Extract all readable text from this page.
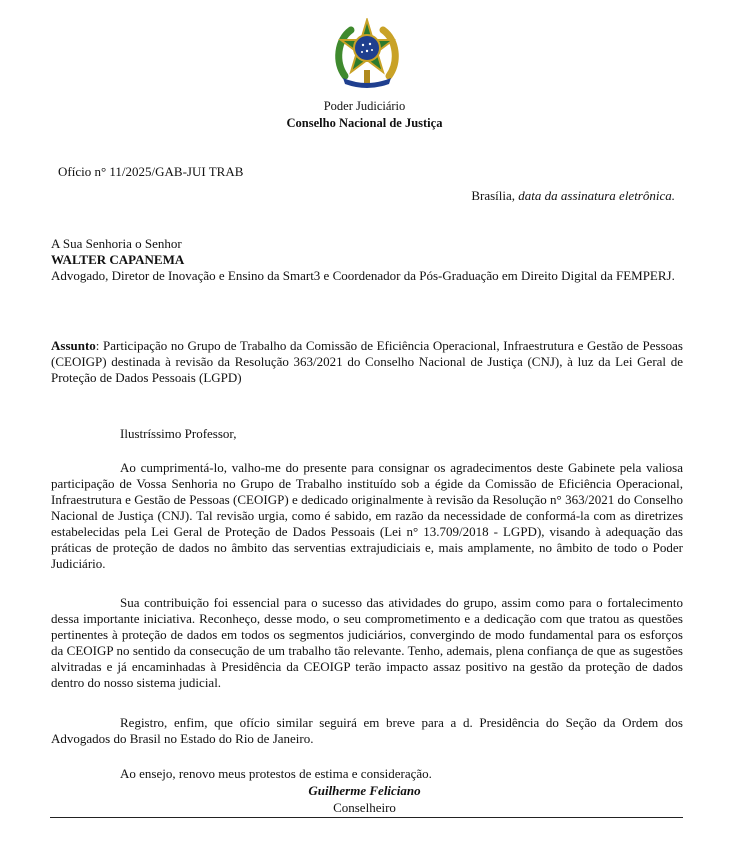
Poder Judiciário
Conselho Nacional de Justiça
Ofício n° 11/2025/GAB-JUI TRAB
Brasília, data da assinatura eletrônica.
A Sua Senhoria o Senhor
WALTER CAPANEMA
Advogado, Diretor de Inovação e Ensino da Smart3 e Coordenador da Pós-Graduação em Direito Digital da FEMPERJ.
Assunto: Participação no Grupo de Trabalho da Comissão de Eficiência Operacional, Infraestrutura e Gestão de Pessoas (CEOIGP) destinada à revisão da Resolução 363/2021 do Conselho Nacional de Justiça (CNJ), à luz da Lei Geral de Proteção de Dados Pessoais (LGPD)
Ilustríssimo Professor,
Ao cumprimentá-lo, valho-me do presente para consignar os agradecimentos deste Gabinete pela valiosa participação de Vossa Senhoria no Grupo de Trabalho instituído sob a égide da Comissão de Eficiência Operacional, Infraestrutura e Gestão de Pessoas (CEOIGP) e dedicado originalmente à revisão da Resolução n° 363/2021 do Conselho Nacional de Justiça (CNJ). Tal revisão urgia, como é sabido, em razão da necessidade de conformá-la com as diretrizes estabelecidas pela Lei Geral de Proteção de Dados Pessoais (Lei n° 13.709/2018 - LGPD), visando à adequação das práticas de proteção de dados no âmbito das serventias extrajudiciais e, mais amplamente, no âmbito de todo o Poder Judiciário.
Sua contribuição foi essencial para o sucesso das atividades do grupo, assim como para o fortalecimento dessa importante iniciativa. Reconheço, desse modo, o seu comprometimento e a dedicação com que tratou as questões pertinentes à proteção de dados em todos os segmentos judiciários, convergindo de modo fundamental para os esforços da CEOIGP no sentido da consecução de um trabalho tão relevante. Tenho, ademais, plena confiança de que as sugestões alvitradas e já encaminhadas à Presidência da CEOIGP terão impacto assaz positivo na gestão da proteção de dados dentro do nosso sistema judicial.
Registro, enfim, que ofício similar seguirá em breve para a d. Presidência do Seção da Ordem dos Advogados do Brasil no Estado do Rio de Janeiro.
Ao ensejo, renovo meus protestos de estima e consideração.
Guilherme Feliciano
Conselheiro
